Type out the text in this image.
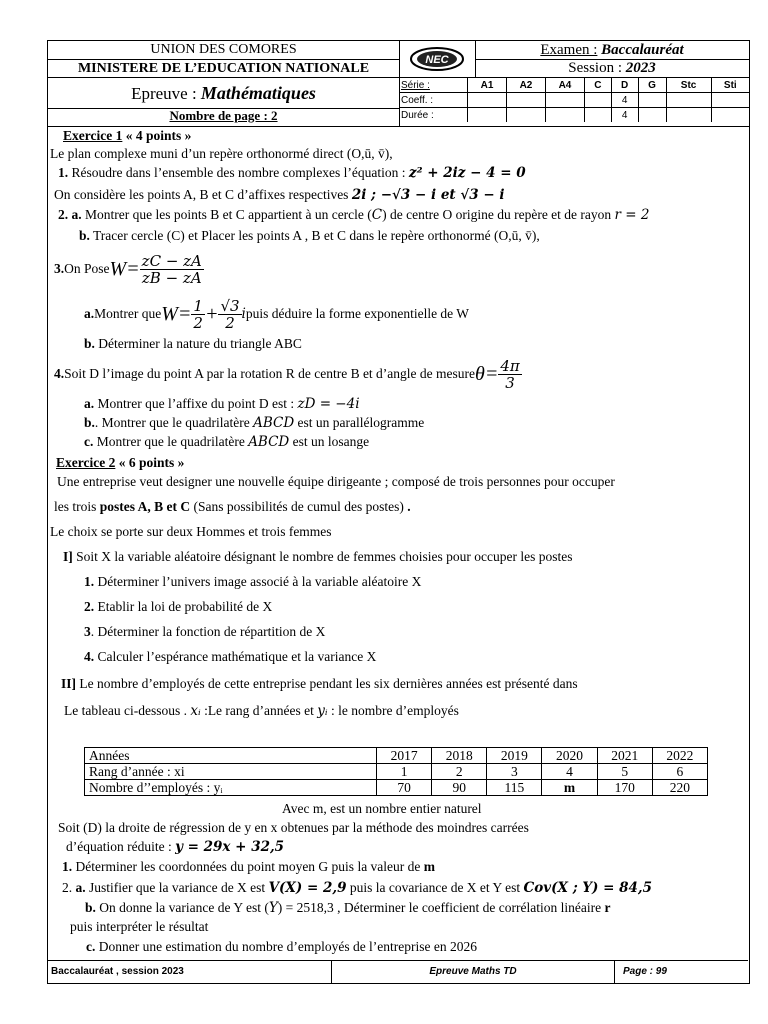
UNION DES COMORES
MINISTERE DE L’EDUCATION NATIONALE
Epreuve : Mathématiques
Nombre de page : 2
NEC
Examen : Baccalauréat
Session : 2023
Série :	A1	A2	A4	C	D	G	Stc	Sti
Coeff. :					4			
Durée :					4			
Exercice 1 « 4 points »
Le plan complexe muni d’un repère orthonormé direct (O,ū, v̄),
1. Résoudre dans l’ensemble des nombre complexes l’équation : z² + 2iz − 4 = 0
On considère les points A, B et C d’affixes respectives 2i ; −√3 − i et √3 − i
2. a. Montrer que les points B et C appartient à un cercle (C) de centre O origine du repère et de rayon r = 2
b. Tracer cercle (C) et Placer les points A , B et C dans le repère orthonormé (O,ū, v̄),
3. On Pose $W= \frac{zC - zA}{zB - zA}$
a. Montrer que $W= \frac{1}{2} + \frac{√3}{2}$ i puis déduire la forme exponentielle de W
b. Déterminer la nature du triangle ABC
4. Soit D l’image du point A par la rotation R de centre B et d’angle de mesure $\theta= \frac{4\pi}{3}$
a. Montrer que l’affixe du point D est : zD = −4i
b.. Montrer que le quadrilatère ABCD est un parallélogramme
c. Montrer que le quadrilatère ABCD est un losange
Exercice 2 « 6 points »
Une entreprise veut designer une nouvelle équipe dirigeante ; composé de trois personnes pour occuper
les trois postes A, B et C (Sans possibilités de cumul des postes) .
Le choix se porte sur deux Hommes et trois femmes
I] Soit X la variable aléatoire désignant le nombre de femmes choisies pour occuper les postes
1. Déterminer l’univers image associé à la variable aléatoire X
2. Etablir la loi de probabilité de X
3. Déterminer la fonction de répartition de X
4. Calculer l’espérance mathématique et la variance X
II] Le nombre d’employés de cette entreprise pendant les six dernières années est présenté dans
Le tableau ci-dessous . xᵢ :Le rang d’années et yᵢ : le nombre d’employés
Années	2017	2018	2019	2020	2021	2022
Rang d’année : xi	1	2	3	4	5	6
Nombre d’’employés : yᵢ	70	90	115	m	170	220
Avec m, est un nombre entier naturel
Soit (D) la droite de régression de y en x obtenues par la méthode des moindres carrées
d’équation réduite : y = 29x + 32,5
1. Déterminer les coordonnées du point moyen G puis la valeur de m
2. a. Justifier que la variance de X est V(X) = 2,9 puis la covariance de X et Y est Cov(X ; Y) = 84,5
b. On donne la variance de Y est (Y) = 2518,3 , Déterminer le coefficient de corrélation linéaire r
puis interpréter le résultat
c. Donner une estimation du nombre d’employés de l’entreprise en 2026
Baccalauréat , session 2023	Epreuve Maths TD	Page : 99
